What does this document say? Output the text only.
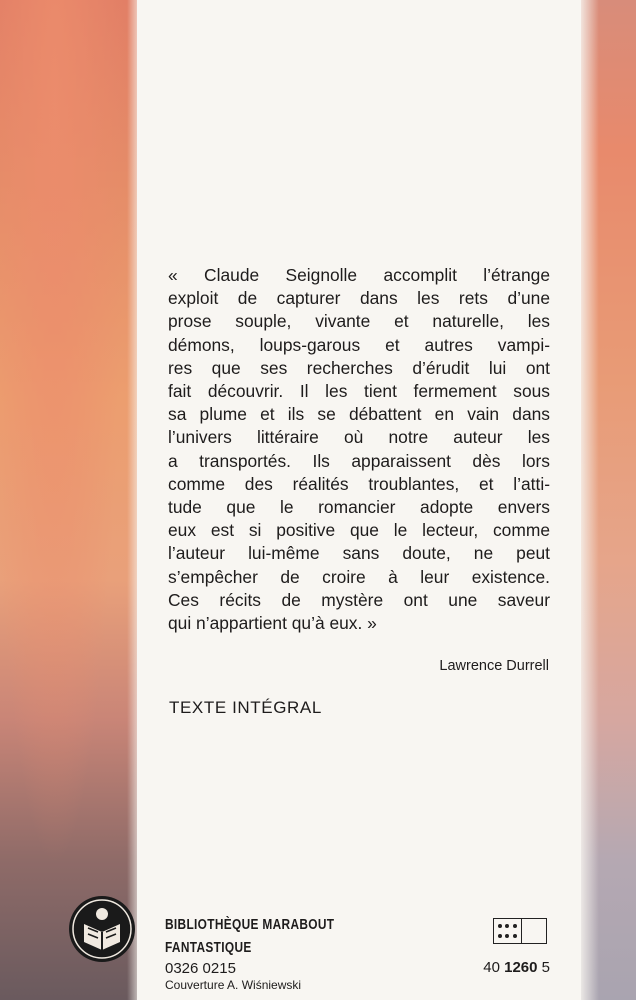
« Claude Seignolle accomplit l’étrange
exploit de capturer dans les rets d’une
prose souple, vivante et naturelle, les
démons, loups-garous et autres vampi-
res que ses recherches d’érudit lui ont
fait découvrir. Il les tient fermement sous
sa plume et ils se débattent en vain dans
l’univers littéraire où notre auteur les
a transportés. Ils apparaissent dès lors
comme des réalités troublantes, et l’atti-
tude que le romancier adopte envers
eux est si positive que le lecteur, comme
l’auteur lui-même sans doute, ne peut
s’empêcher de croire à leur existence.
Ces récits de mystère ont une saveur
qui n’appartient qu’à eux. »
Lawrence Durrell
TEXTE INTÉGRAL
BIBLIOTHÈQUE MARABOUT
FANTASTIQUE
0326 0215
Couverture A. Wiśniewski
40 1260 5
